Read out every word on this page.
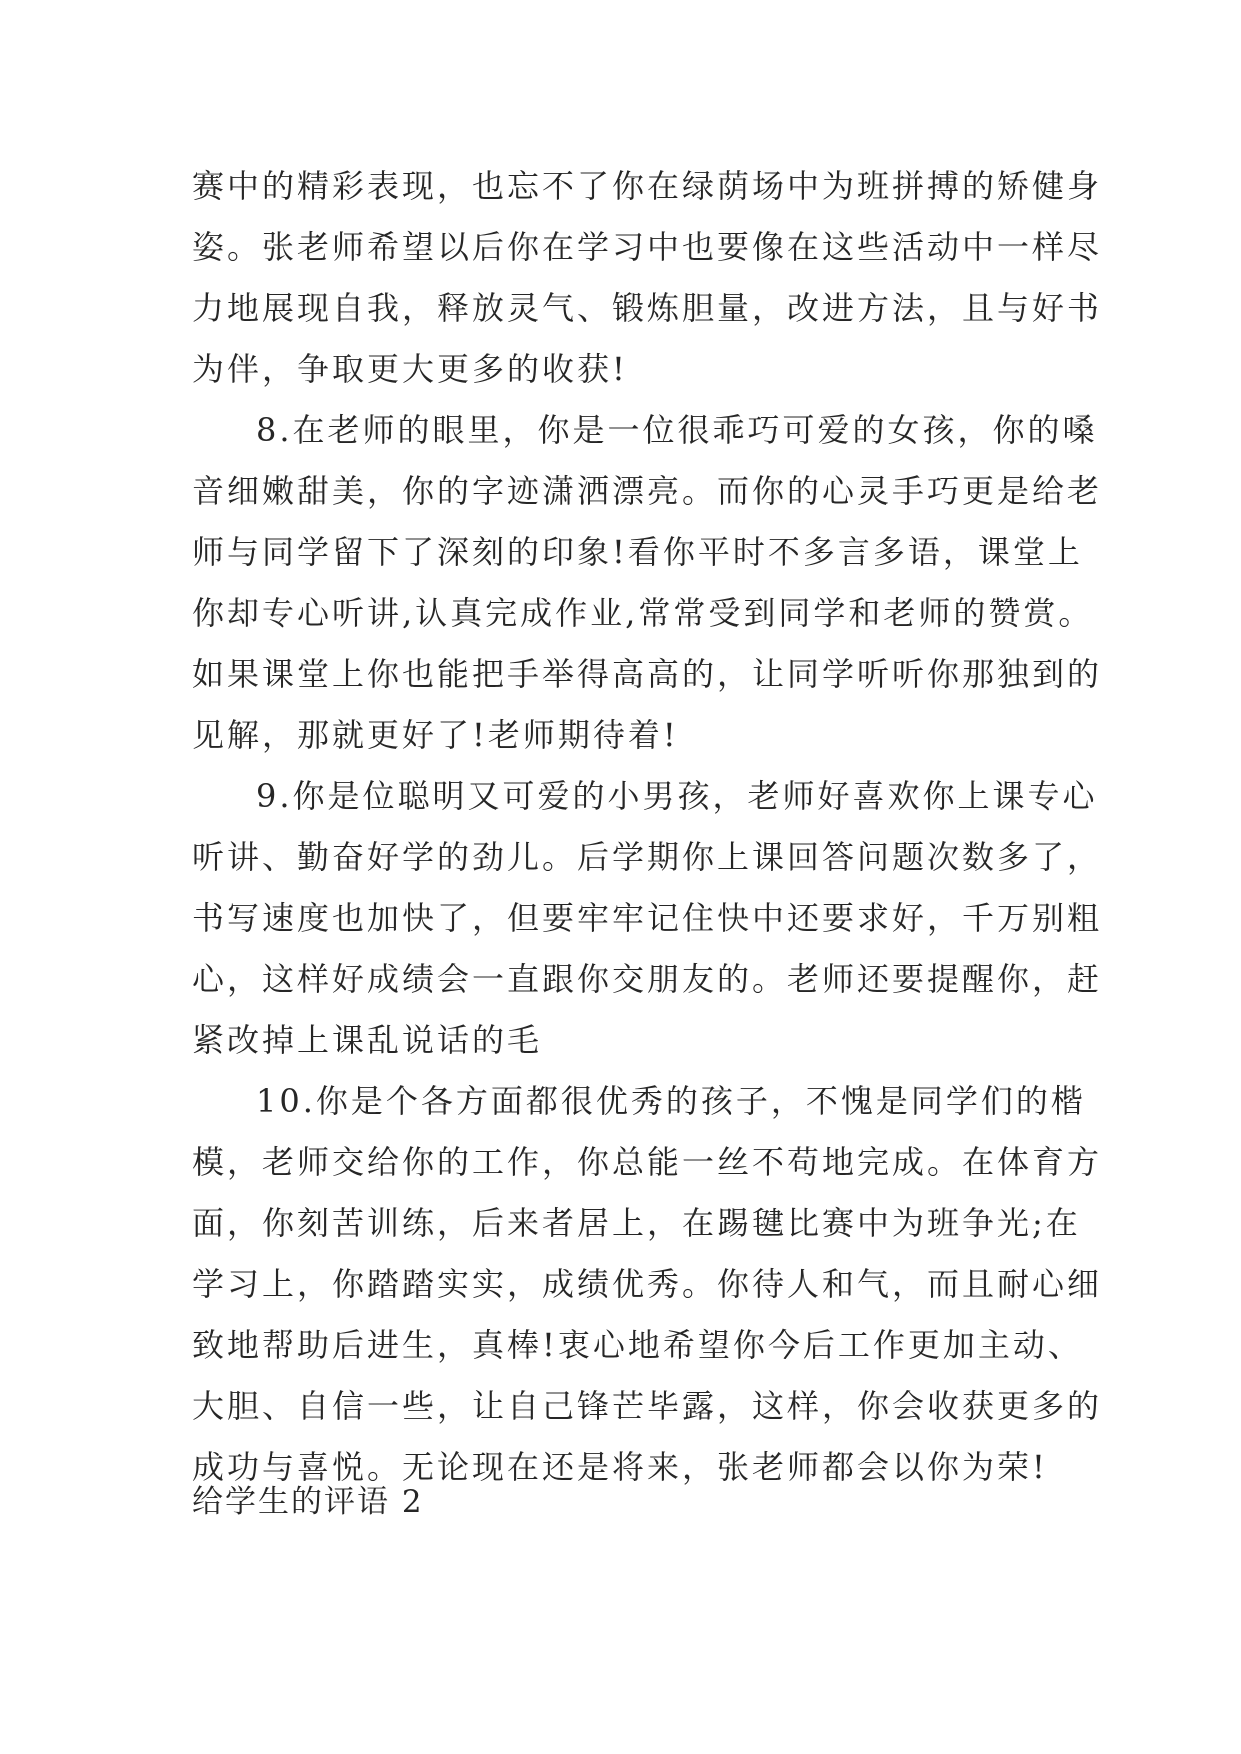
赛中的精彩表现，也忘不了你在绿荫场中为班拼搏的矫健身
姿。张老师希望以后你在学习中也要像在这些活动中一样尽
力地展现自我，释放灵气、锻炼胆量，改进方法，且与好书
为伴，争取更大更多的收获!
8.在老师的眼里，你是一位很乖巧可爱的女孩，你的嗓
音细嫩甜美，你的字迹潇洒漂亮。而你的心灵手巧更是给老
师与同学留下了深刻的印象!看你平时不多言多语，课堂上
你却专心听讲,认真完成作业,常常受到同学和老师的赞赏。
如果课堂上你也能把手举得高高的，让同学听听你那独到的
见解，那就更好了!老师期待着!
9.你是位聪明又可爱的小男孩，老师好喜欢你上课专心
听讲、勤奋好学的劲儿。后学期你上课回答问题次数多了，
书写速度也加快了，但要牢牢记住快中还要求好，千万别粗
心，这样好成绩会一直跟你交朋友的。老师还要提醒你，赶
紧改掉上课乱说话的毛
10.你是个各方面都很优秀的孩子，不愧是同学们的楷
模，老师交给你的工作，你总能一丝不苟地完成。在体育方
面，你刻苦训练，后来者居上，在踢毽比赛中为班争光;在
学习上，你踏踏实实，成绩优秀。你待人和气，而且耐心细
致地帮助后进生，真棒!衷心地希望你今后工作更加主动、
大胆、自信一些，让自己锋芒毕露，这样，你会收获更多的
成功与喜悦。无论现在还是将来，张老师都会以你为荣!
给学生的评语 2
